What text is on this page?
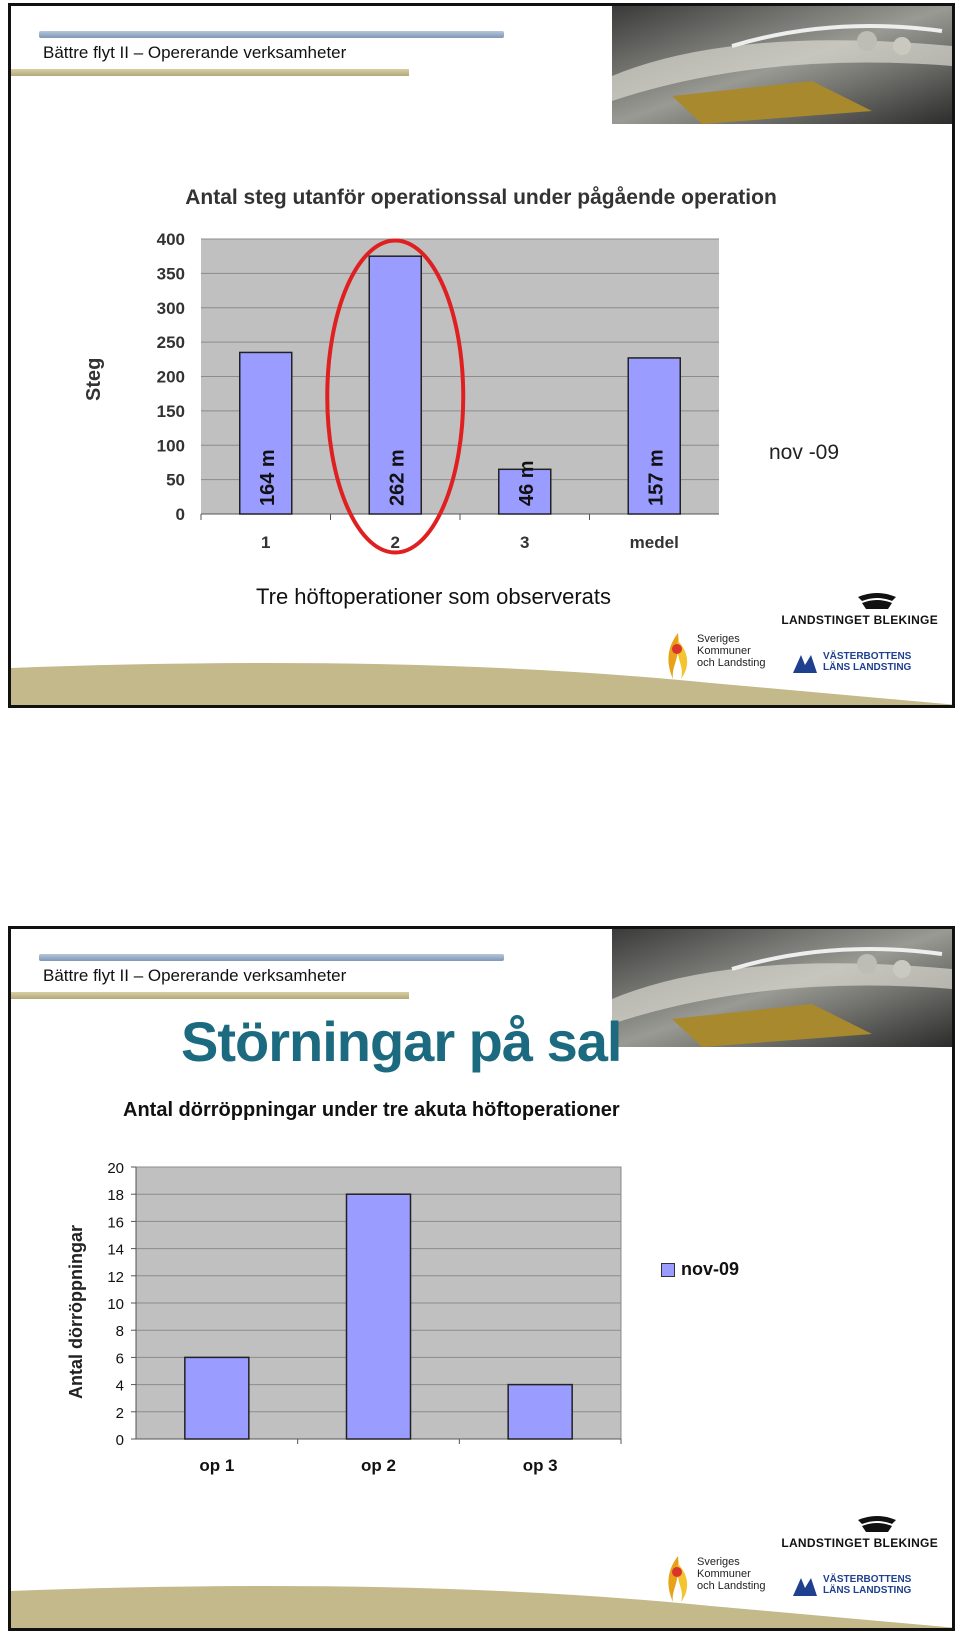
Bättre flyt II – Opererande verksamheter
Antal steg utanför operationssal under pågående operation
Steg
0
50
100
150
200
250
300
350
400
164 m
1
262 m
2
46 m
3
157 m
medel
Tre höftoperationer som observerats
nov -09
LANDSTINGET BLEKINGE
Sveriges
Kommuner
och Landsting
VÄSTERBOTTENS
LÄNS LANDSTING
Bättre flyt II – Opererande verksamheter
Störningar på sal
Antal dörröppningar under tre akuta höftoperationer
Antal dörröppningar
0
2
4
6
8
10
12
14
16
18
20
op 1	op 2	op 3
nov-09
LANDSTINGET BLEKINGE
Sveriges
Kommuner
och Landsting
VÄSTERBOTTENS
LÄNS LANDSTING
